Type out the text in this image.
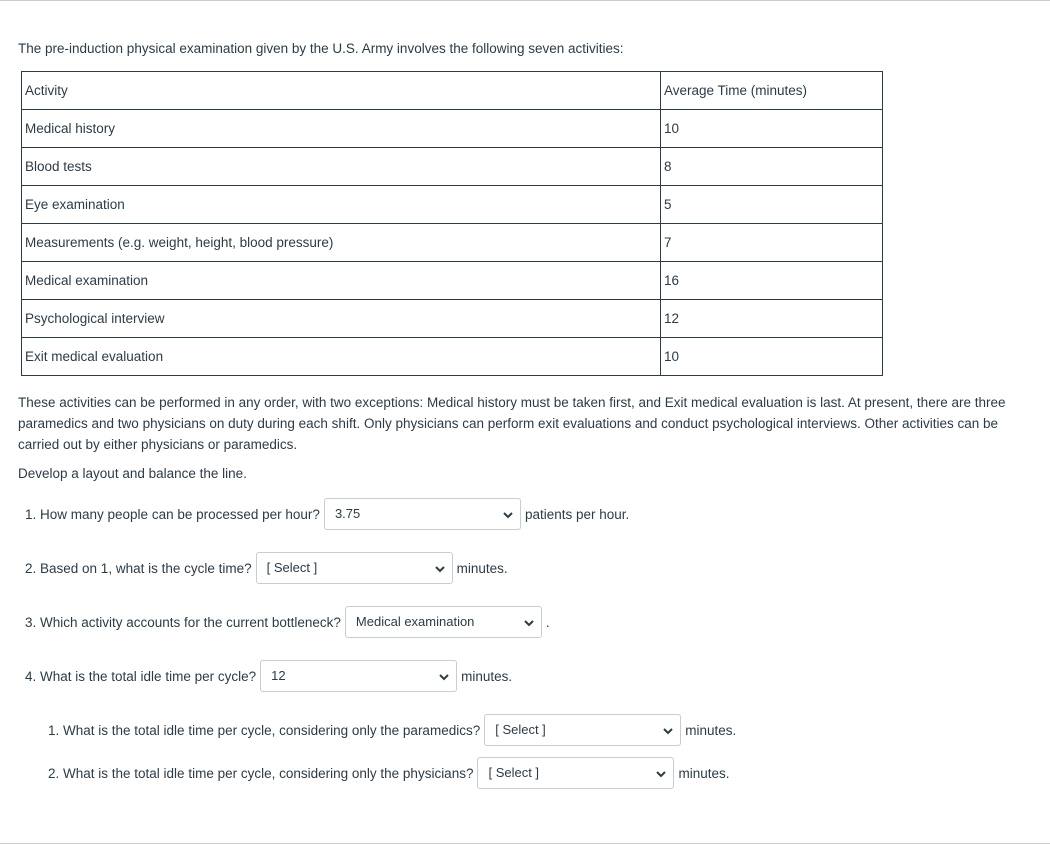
The pre-induction physical examination given by the U.S. Army involves the following seven activities:
Activity	Average Time (minutes)
Medical history	10
Blood tests	8
Eye examination	5
Measurements (e.g. weight, height, blood pressure)	7
Medical examination	16
Psychological interview	12
Exit medical evaluation	10
These activities can be performed in any order, with two exceptions: Medical history must be taken first, and Exit medical evaluation is last. At present, there are three paramedics and two physicians on duty during each shift. Only physicians can perform exit evaluations and conduct psychological interviews. Other activities can be carried out by either physicians or paramedics.
Develop a layout and balance the line.
1. How many people can be processed per hour? 3.75	patients per hour.
2. Based on 1, what is the cycle time? [ Select ]	minutes.
3. Which activity accounts for the current bottleneck? Medical examination	.
4. What is the total idle time per cycle? 12	minutes.
1. What is the total idle time per cycle, considering only the paramedics? [ Select ]	minutes.
2. What is the total idle time per cycle, considering only the physicians? [ Select ]	minutes.
